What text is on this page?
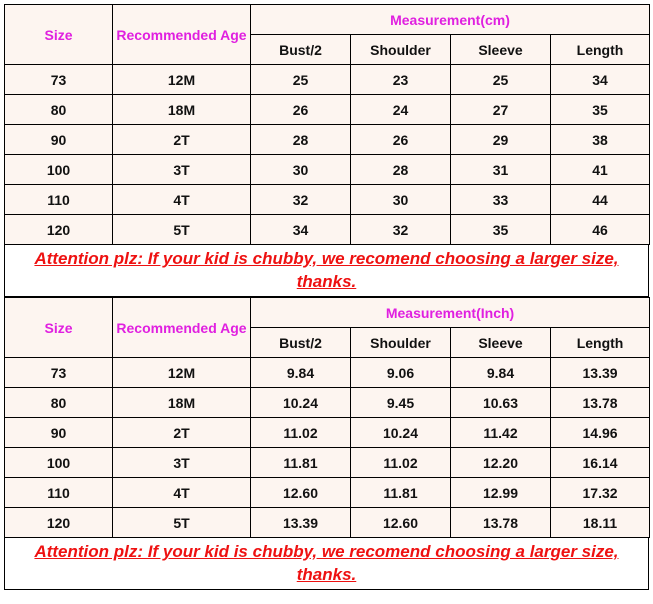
Size	Recommended Age	Measurement(cm)			
		Bust/2	Shoulder	Sleeve	Length
73	12M	25	23	25	34
80	18M	26	24	27	35
90	2T	28	26	29	38
100	3T	30	28	31	41
110	4T	32	30	33	44
120	5T	34	32	35	46
Attention plz: If your kid is chubby, we recomend choosing a larger size, thanks.
Size	Recommended Age	Measurement(Inch)			
		Bust/2	Shoulder	Sleeve	Length
73	12M	9.84	9.06	9.84	13.39
80	18M	10.24	9.45	10.63	13.78
90	2T	11.02	10.24	11.42	14.96
100	3T	11.81	11.02	12.20	16.14
110	4T	12.60	11.81	12.99	17.32
120	5T	13.39	12.60	13.78	18.11
Attention plz: If your kid is chubby, we recomend choosing a larger size, thanks.
